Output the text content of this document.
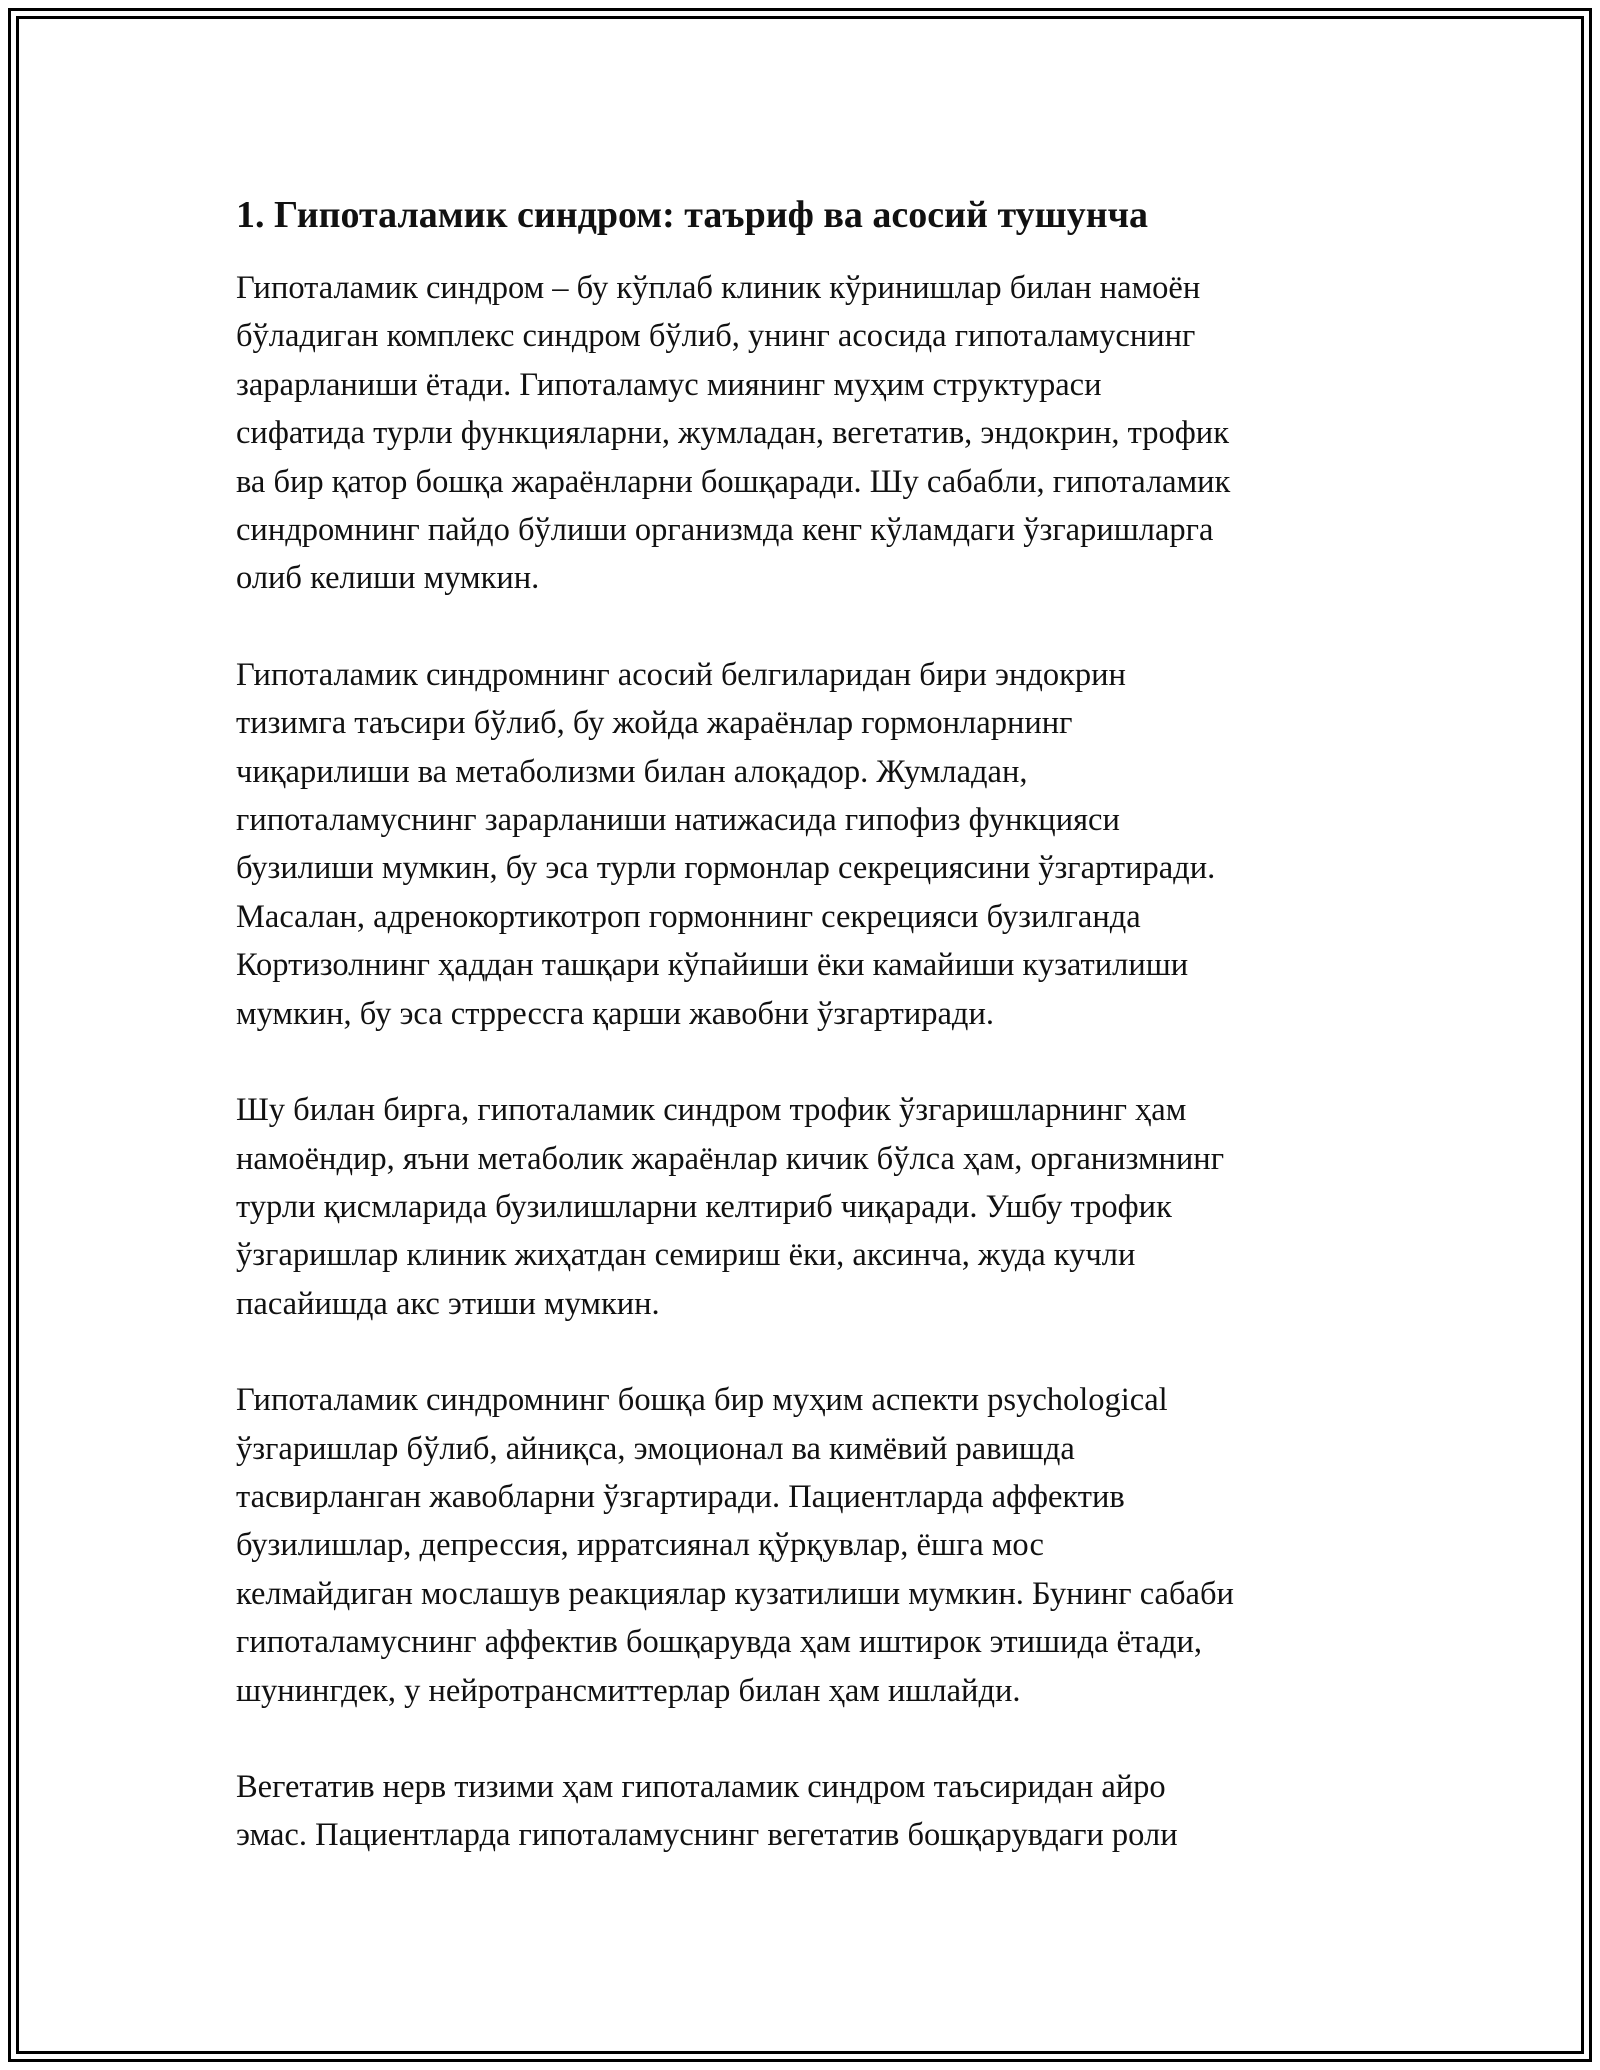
1. Гипоталамик синдром: таъриф ва асосий тушунча
Гипоталамик синдром – бу кўплаб клиник кўринишлар билан намоён
бўладиган комплекс синдром бўлиб, унинг асосида гипоталамуснинг
зарарланиши ётади. Гипоталамус миянинг муҳим структураси
сифатида турли функцияларни, жумладан, вегетатив, эндокрин, трофик
ва бир қатор бошқа жараёнларни бошқаради. Шу сабабли, гипоталамик
синдромнинг пайдо бўлиши организмда кенг кўламдаги ўзгаришларга
олиб келиши мумкин.
Гипоталамик синдромнинг асосий белгиларидан бири эндокрин
тизимга таъсири бўлиб, бу жойда жараёнлар гормонларнинг
чиқарилиши ва метаболизми билан алоқадор. Жумладан,
гипоталамуснинг зарарланиши натижасида гипофиз функцияси
бузилиши мумкин, бу эса турли гормонлар секрециясини ўзгартиради.
Масалан, адренокортикотроп гормоннинг секрецияси бузилганда
Кортизолнинг ҳаддан ташқари кўпайиши ёки камайиши кузатилиши
мумкин, бу эса стррессга қарши жавобни ўзгартиради.
Шу билан бирга, гипоталамик синдром трофик ўзгаришларнинг ҳам
намоёндир, яъни метаболик жараёнлар кичик бўлса ҳам, организмнинг
турли қисмларида бузилишларни келтириб чиқаради. Ушбу трофик
ўзгаришлар клиник жиҳатдан семириш ёки, аксинча, жуда кучли
пасайишда акс этиши мумкин.
Гипоталамик синдромнинг бошқа бир муҳим аспекти psychological
ўзгаришлар бўлиб, айниқса, эмоционал ва кимёвий равишда
тасвирланган жавобларни ўзгартиради. Пациентларда аффектив
бузилишлар, депрессия, ирратсиянал қўрқувлар, ёшга мос
келмайдиган мослашув реакциялар кузатилиши мумкин. Бунинг сабаби
гипоталамуснинг аффектив бошқарувда ҳам иштирок этишида ётади,
шунингдек, у нейротрансмиттерлар билан ҳам ишлайди.
Вегетатив нерв тизими ҳам гипоталамик синдром таъсиридан айро
эмас. Пациентларда гипоталамуснинг вегетатив бошқарувдаги роли
